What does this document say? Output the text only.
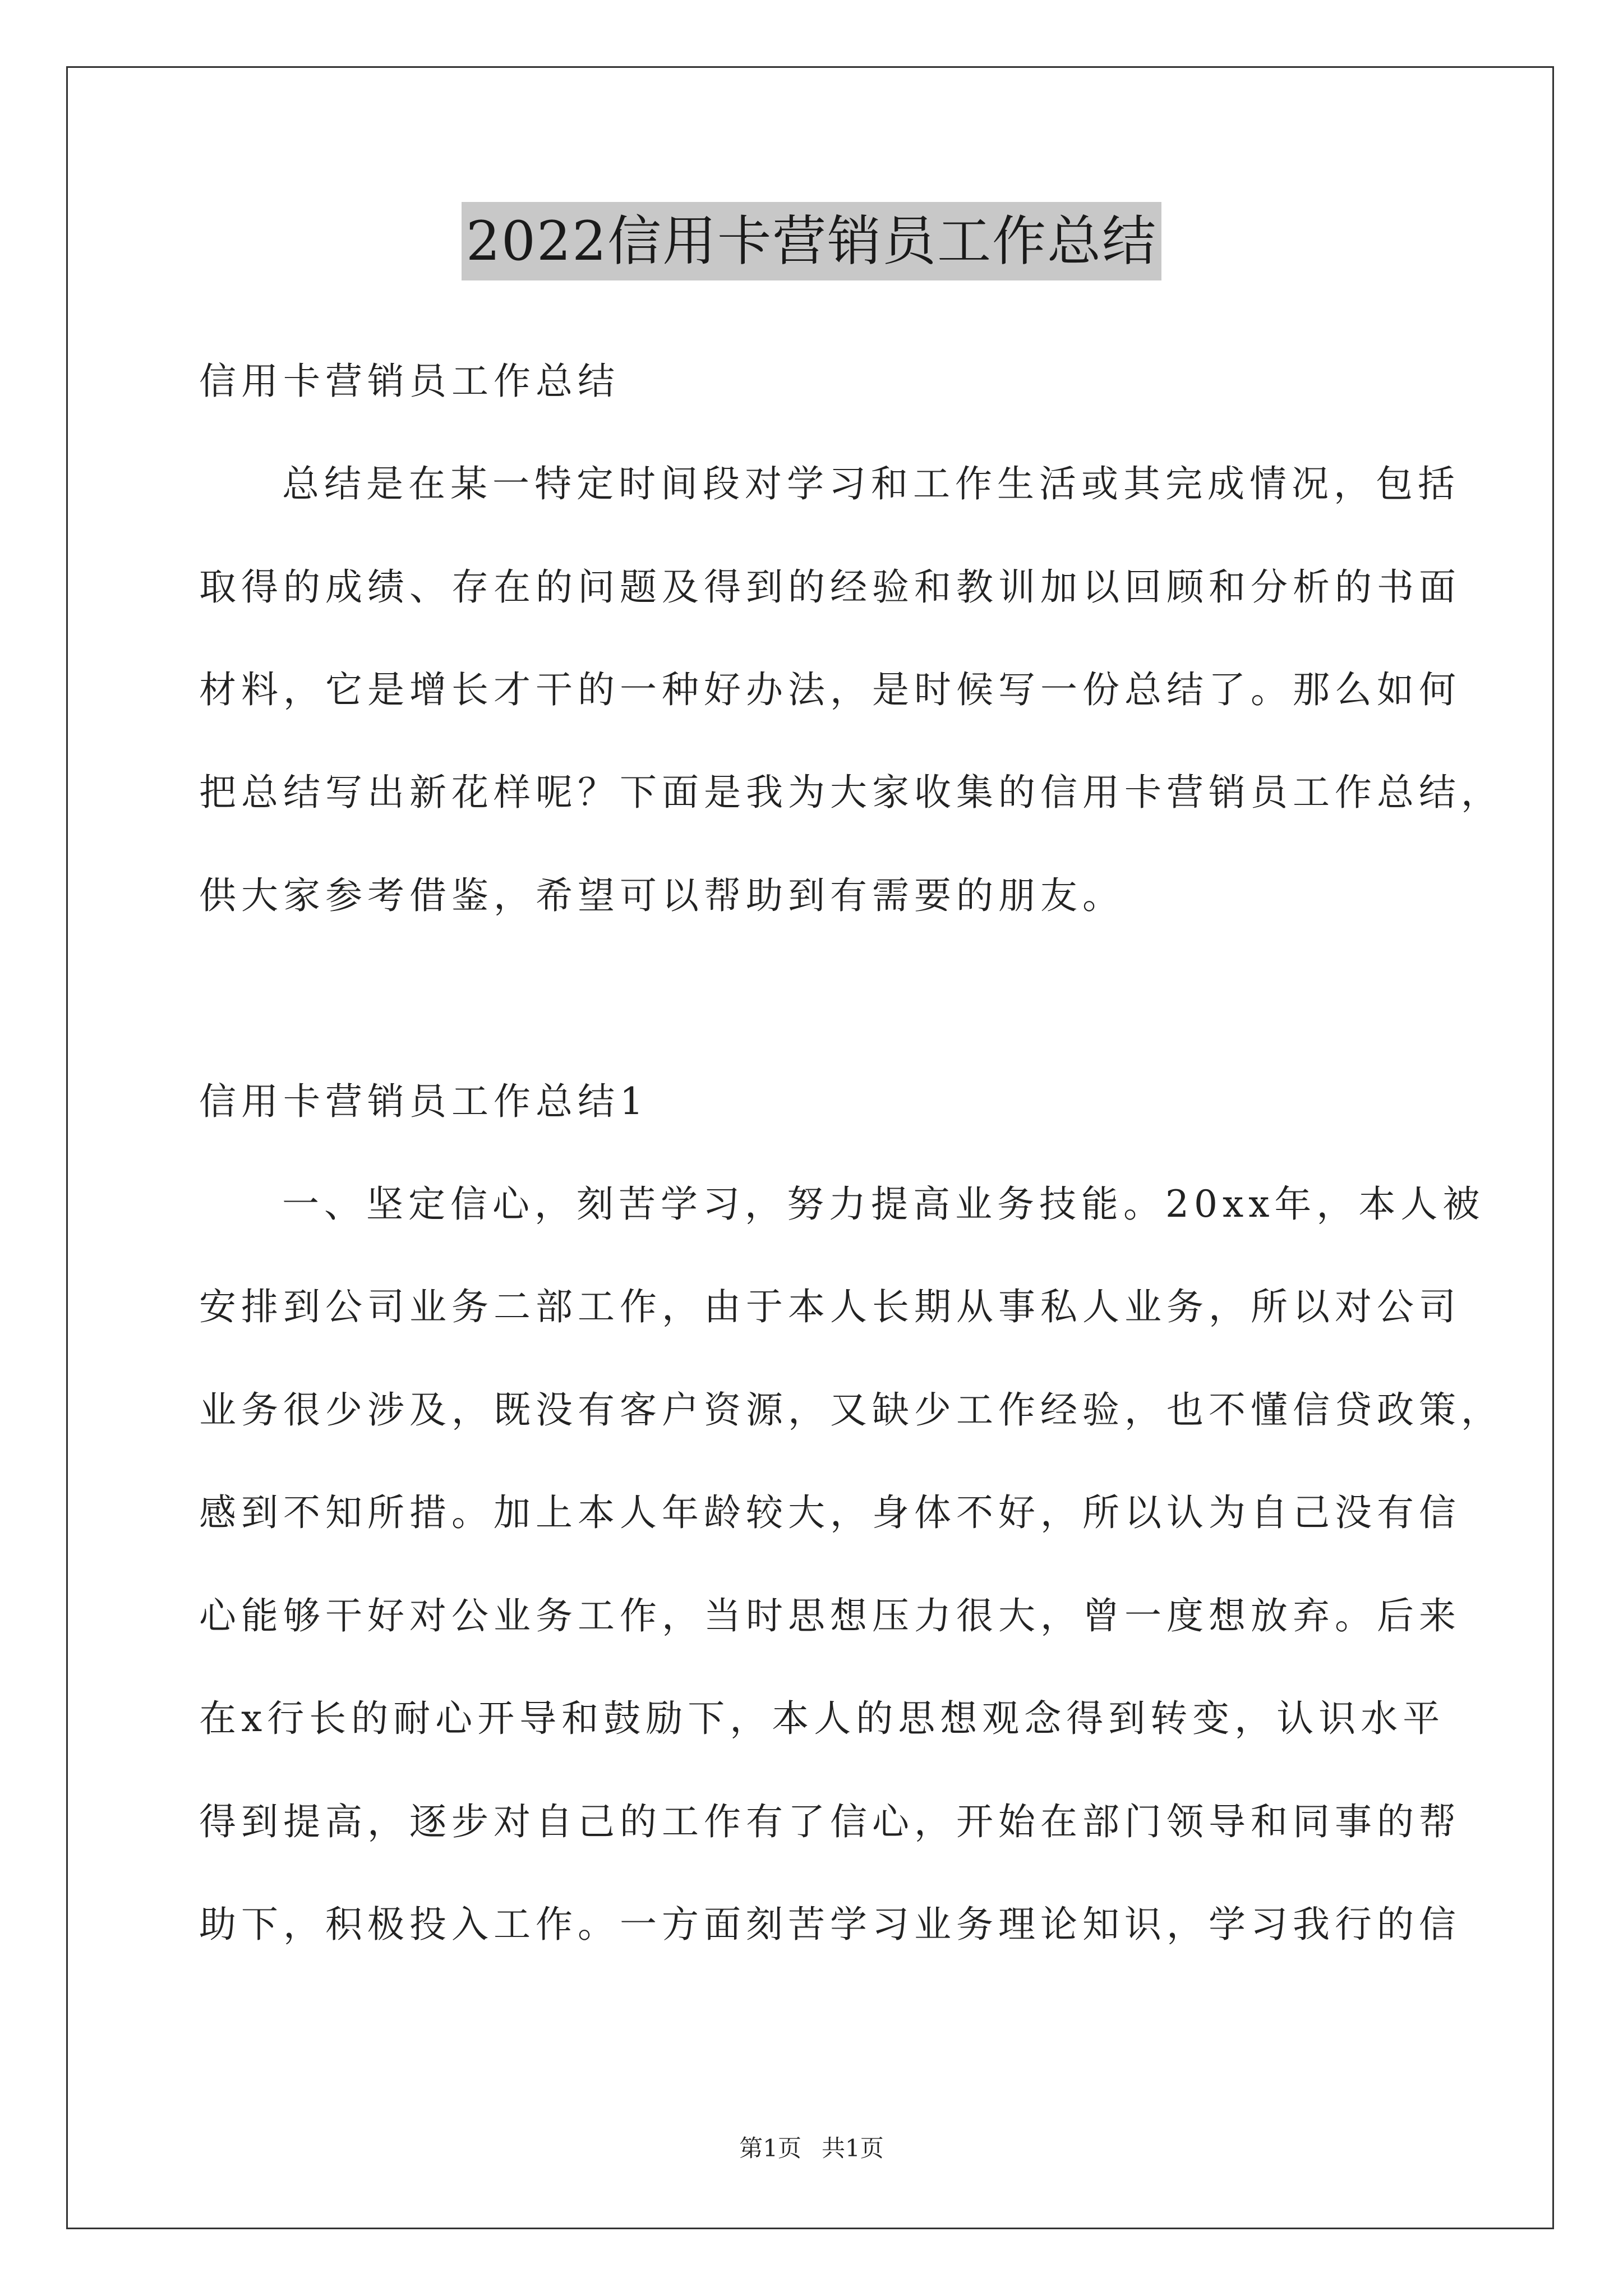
2022信用卡营销员工作总结
信用卡营销员工作总结
总结是在某一特定时间段对学习和工作生活或其完成情况，包括
取得的成绩、存在的问题及得到的经验和教训加以回顾和分析的书面
材料，它是增长才干的一种好办法，是时候写一份总结了。那么如何
把总结写出新花样呢？下面是我为大家收集的信用卡营销员工作总结，
供大家参考借鉴，希望可以帮助到有需要的朋友。
信用卡营销员工作总结1
一、坚定信心，刻苦学习，努力提高业务技能。20xx年，本人被
安排到公司业务二部工作，由于本人长期从事私人业务，所以对公司
业务很少涉及，既没有客户资源，又缺少工作经验，也不懂信贷政策，
感到不知所措。加上本人年龄较大，身体不好，所以认为自己没有信
心能够干好对公业务工作，当时思想压力很大，曾一度想放弃。后来
在x行长的耐心开导和鼓励下，本人的思想观念得到转变，认识水平
得到提高，逐步对自己的工作有了信心，开始在部门领导和同事的帮
助下，积极投入工作。一方面刻苦学习业务理论知识，学习我行的信
第1页 共1页
